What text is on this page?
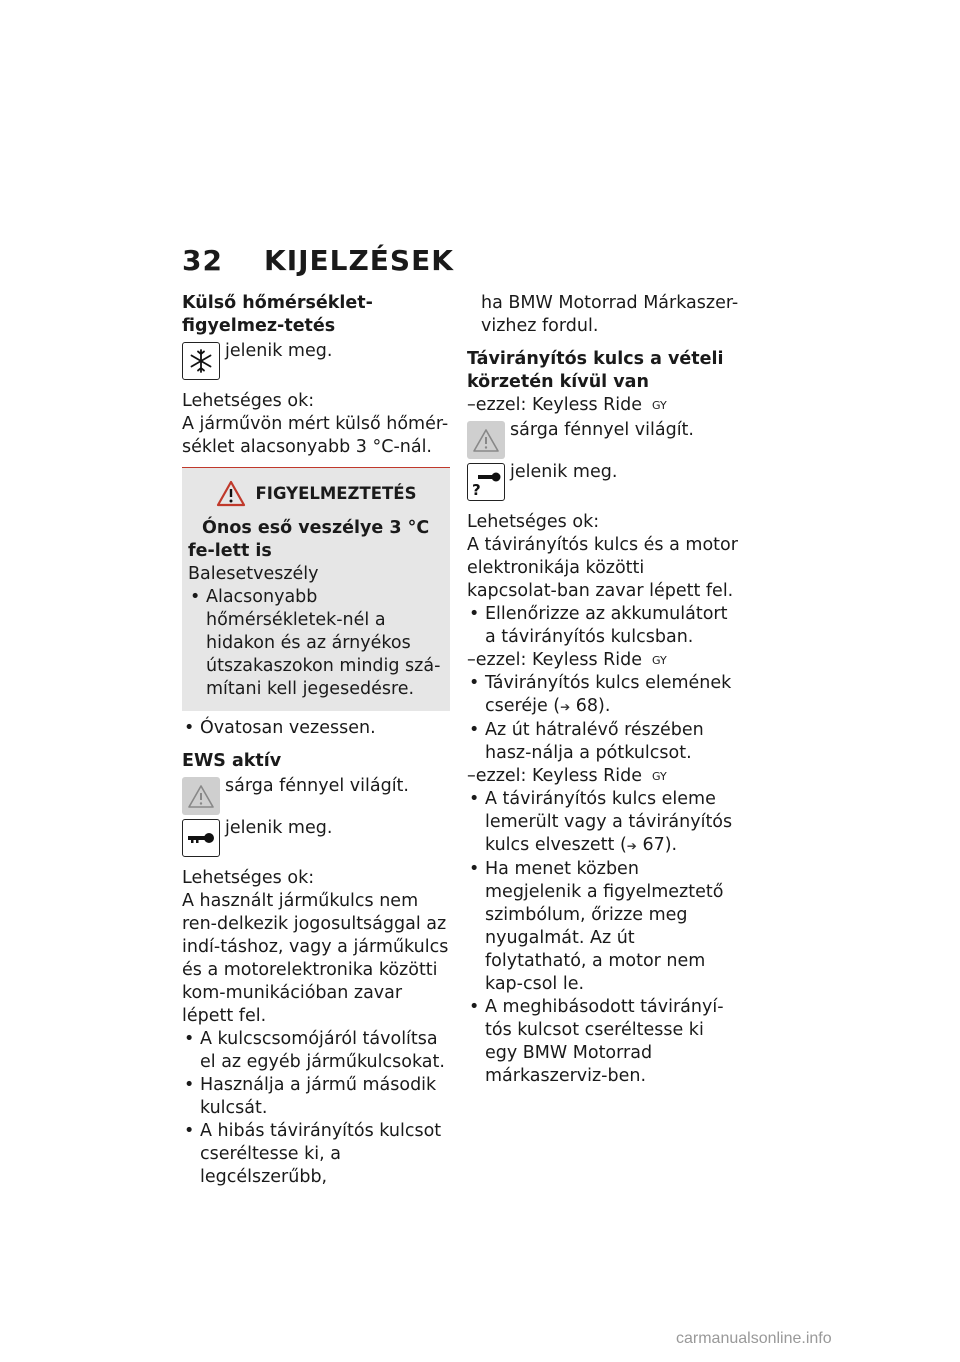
32 KIJELZÉSEK

Külső hőmérséklet-figyelmez-tetés

jelenik meg.

Lehetséges ok:

A járművön mért külső hőmér-séklet alacsonyabb 3 °C-nál.

FIGYELMEZTETÉS

Ónos eső veszélye 3 °C fe-lett is

Balesetveszély

• Alacsonyabb hőmérsékletek-nél a hidakon és az árnyékos útszakaszokon mindig szá-mítani kell jegesedésre.

• Óvatosan vezessen.

EWS aktív

sárga fénnyel világít.
jelenik meg.

Lehetséges ok:

A használt járműkulcs nem ren-delkezik jogosultsággal az indí-táshoz, vagy a járműkulcs és a motorelektronika közötti kom-munikációban zavar lépett fel.

• A kulcscsomójáról távolítsa el az egyéb járműkulcsokat.

• Használja a jármű második kulcsát.

• A hibás távirányítós kulcsot cseréltesse ki, a legcélszerűbb,

ha BMW Motorrad Márkaszer-vizhez fordul.

Távirányítós kulcs a vételi körzetén kívül van

–ezzel: Keyless Ride $^{GY}$

sárga fénnyel világít.
?
jelenik meg.

Lehetséges ok:

A távirányítós kulcs és a motor elektronikája közötti kapcsolat-ban zavar lépett fel.

• Ellenőrizze az akkumulátort a távirányítós kulcsban.

–ezzel: Keyless Ride $^{GY}$

• Távirányítós kulcs elemének cseréje (➔ 68).

• Az út hátralévő részében hasz-nálja a pótkulcsot.

–ezzel: Keyless Ride $^{GY}$

• A távirányítós kulcs eleme lemerült vagy a távirányítós kulcs elveszett (➔ 67).

• Ha menet közben megjelenik a figyelmeztető szimbólum, őrizze meg nyugalmát. Az út folytatható, a motor nem kap-csol le.

• A meghibásodott távirányí-tós kulcsot cseréltesse ki egy BMW Motorrad márkaszerviz-ben.

carmanualsonline.info
